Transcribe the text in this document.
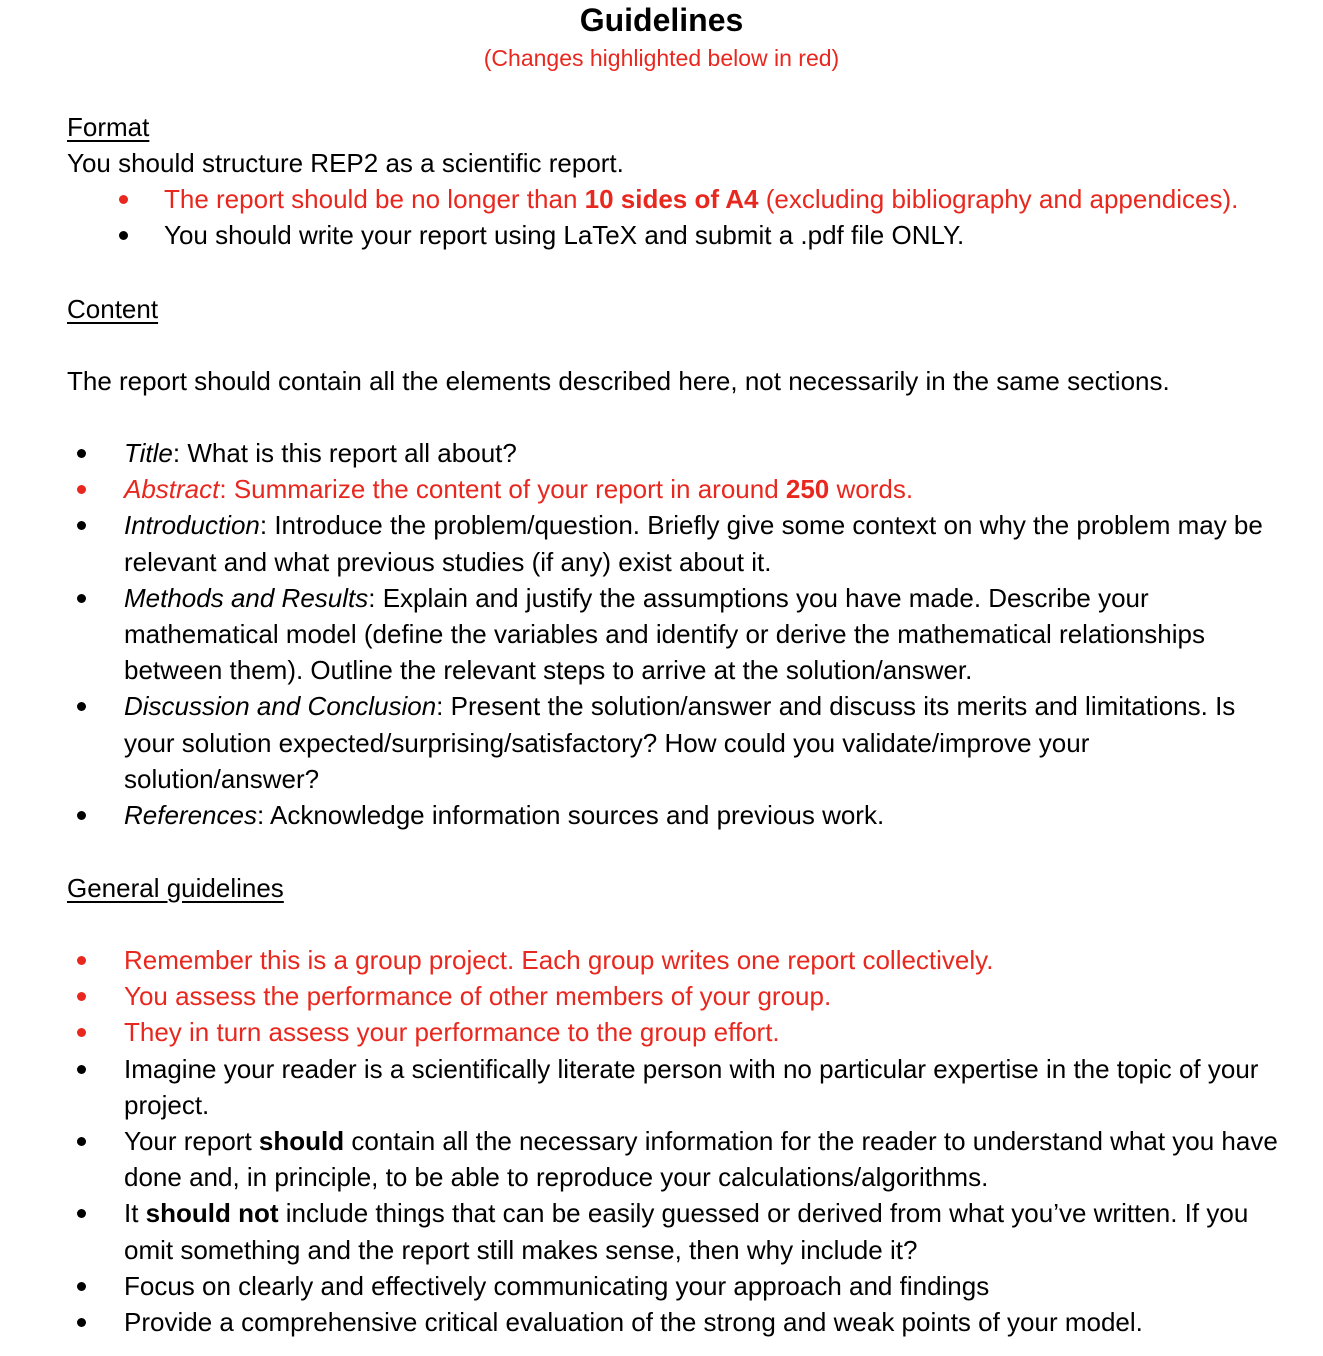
Guidelines
(Changes highlighted below in red)
Format
You should structure REP2 as a scientific report.
The report should be no longer than 10 sides of A4 (excluding bibliography and appendices).
You should write your report using LaTeX and submit a .pdf file ONLY.
Content
The report should contain all the elements described here, not necessarily in the same sections.
Title: What is this report all about?
Abstract: Summarize the content of your report in around 250 words.
Introduction: Introduce the problem/question. Briefly give some context on why the problem may be relevant and what previous studies (if any) exist about it.
Methods and Results: Explain and justify the assumptions you have made. Describe your mathematical model (define the variables and identify or derive the mathematical relationships between them). Outline the relevant steps to arrive at the solution/answer.
Discussion and Conclusion: Present the solution/answer and discuss its merits and limitations. Is your solution expected/surprising/satisfactory? How could you validate/improve your solution/answer?
References: Acknowledge information sources and previous work.
General guidelines
Remember this is a group project. Each group writes one report collectively.
You assess the performance of other members of your group.
They in turn assess your performance to the group effort.
Imagine your reader is a scientifically literate person with no particular expertise in the topic of your project.
Your report should contain all the necessary information for the reader to understand what you have done and, in principle, to be able to reproduce your calculations/algorithms.
It should not include things that can be easily guessed or derived from what you’ve written. If you omit something and the report still makes sense, then why include it?
Focus on clearly and effectively communicating your approach and findings
Provide a comprehensive critical evaluation of the strong and weak points of your model.
